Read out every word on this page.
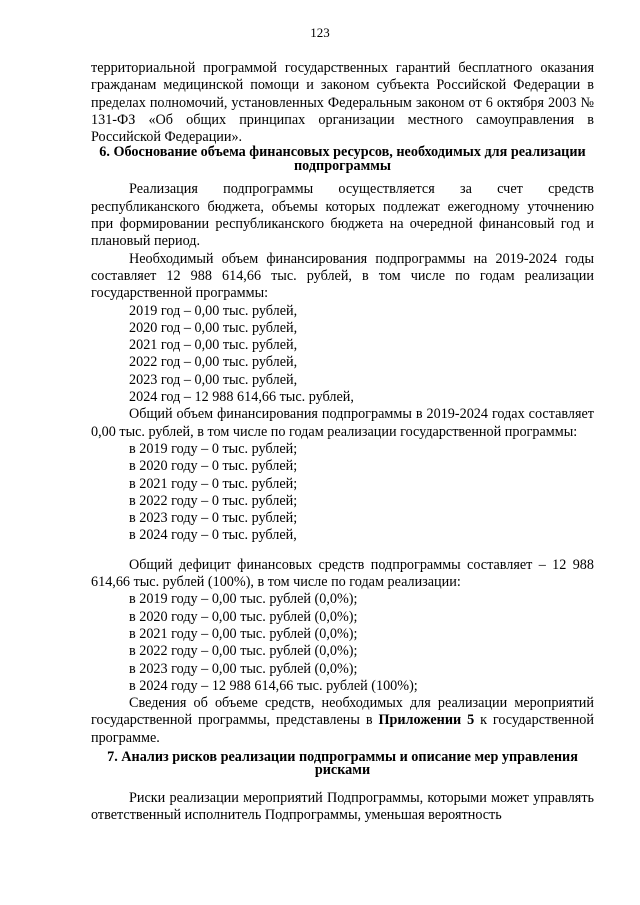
123

территориальной программой государственных гарантий бесплатного оказания гражданам медицинской помощи и законом субъекта Российской Федерации в пределах полномочий, установленных Федеральным законом от 6 октября 2003 № 131-ФЗ «Об общих принципах организации местного самоуправления в Российской Федерации».

6. Обоснование объема финансовых ресурсов, необходимых для реализации подпрограммы

Реализация подпрограммы осуществляется за счет средств республиканского бюджета, объемы которых подлежат ежегодному уточнению при формировании республиканского бюджета на очередной финансовый год и плановый период.

Необходимый объем финансирования подпрограммы на 2019-2024 годы составляет 12 988 614,66 тыс. рублей, в том числе по годам реализации государственной программы:

2019 год – 0,00 тыс. рублей,

2020 год – 0,00 тыс. рублей,

2021 год – 0,00 тыс. рублей,

2022 год – 0,00 тыс. рублей,

2023 год – 0,00 тыс. рублей,

2024 год – 12 988 614,66 тыс. рублей,

Общий объем финансирования подпрограммы в 2019-2024 годах составляет 0,00 тыс. рублей, в том числе по годам реализации государственной программы:

в 2019 году – 0 тыс. рублей;

в 2020 году – 0 тыс. рублей;

в 2021 году – 0 тыс. рублей;

в 2022 году – 0 тыс. рублей;

в 2023 году – 0 тыс. рублей;

в 2024 году – 0 тыс. рублей,

Общий дефицит финансовых средств подпрограммы составляет – 12 988 614,66 тыс. рублей (100%), в том числе по годам реализации:

в 2019 году – 0,00 тыс. рублей (0,0%);

в 2020 году – 0,00 тыс. рублей (0,0%);

в 2021 году – 0,00 тыс. рублей (0,0%);

в 2022 году – 0,00 тыс. рублей (0,0%);

в 2023 году – 0,00 тыс. рублей (0,0%);

в 2024 году – 12 988 614,66 тыс. рублей (100%);

Сведения об объеме средств, необходимых для реализации мероприятий государственной программы, представлены в Приложении 5 к государственной программе.

7. Анализ рисков реализации подпрограммы и описание мер управления рисками

Риски реализации мероприятий Подпрограммы, которыми может управлять ответственный исполнитель Подпрограммы, уменьшая вероятность
